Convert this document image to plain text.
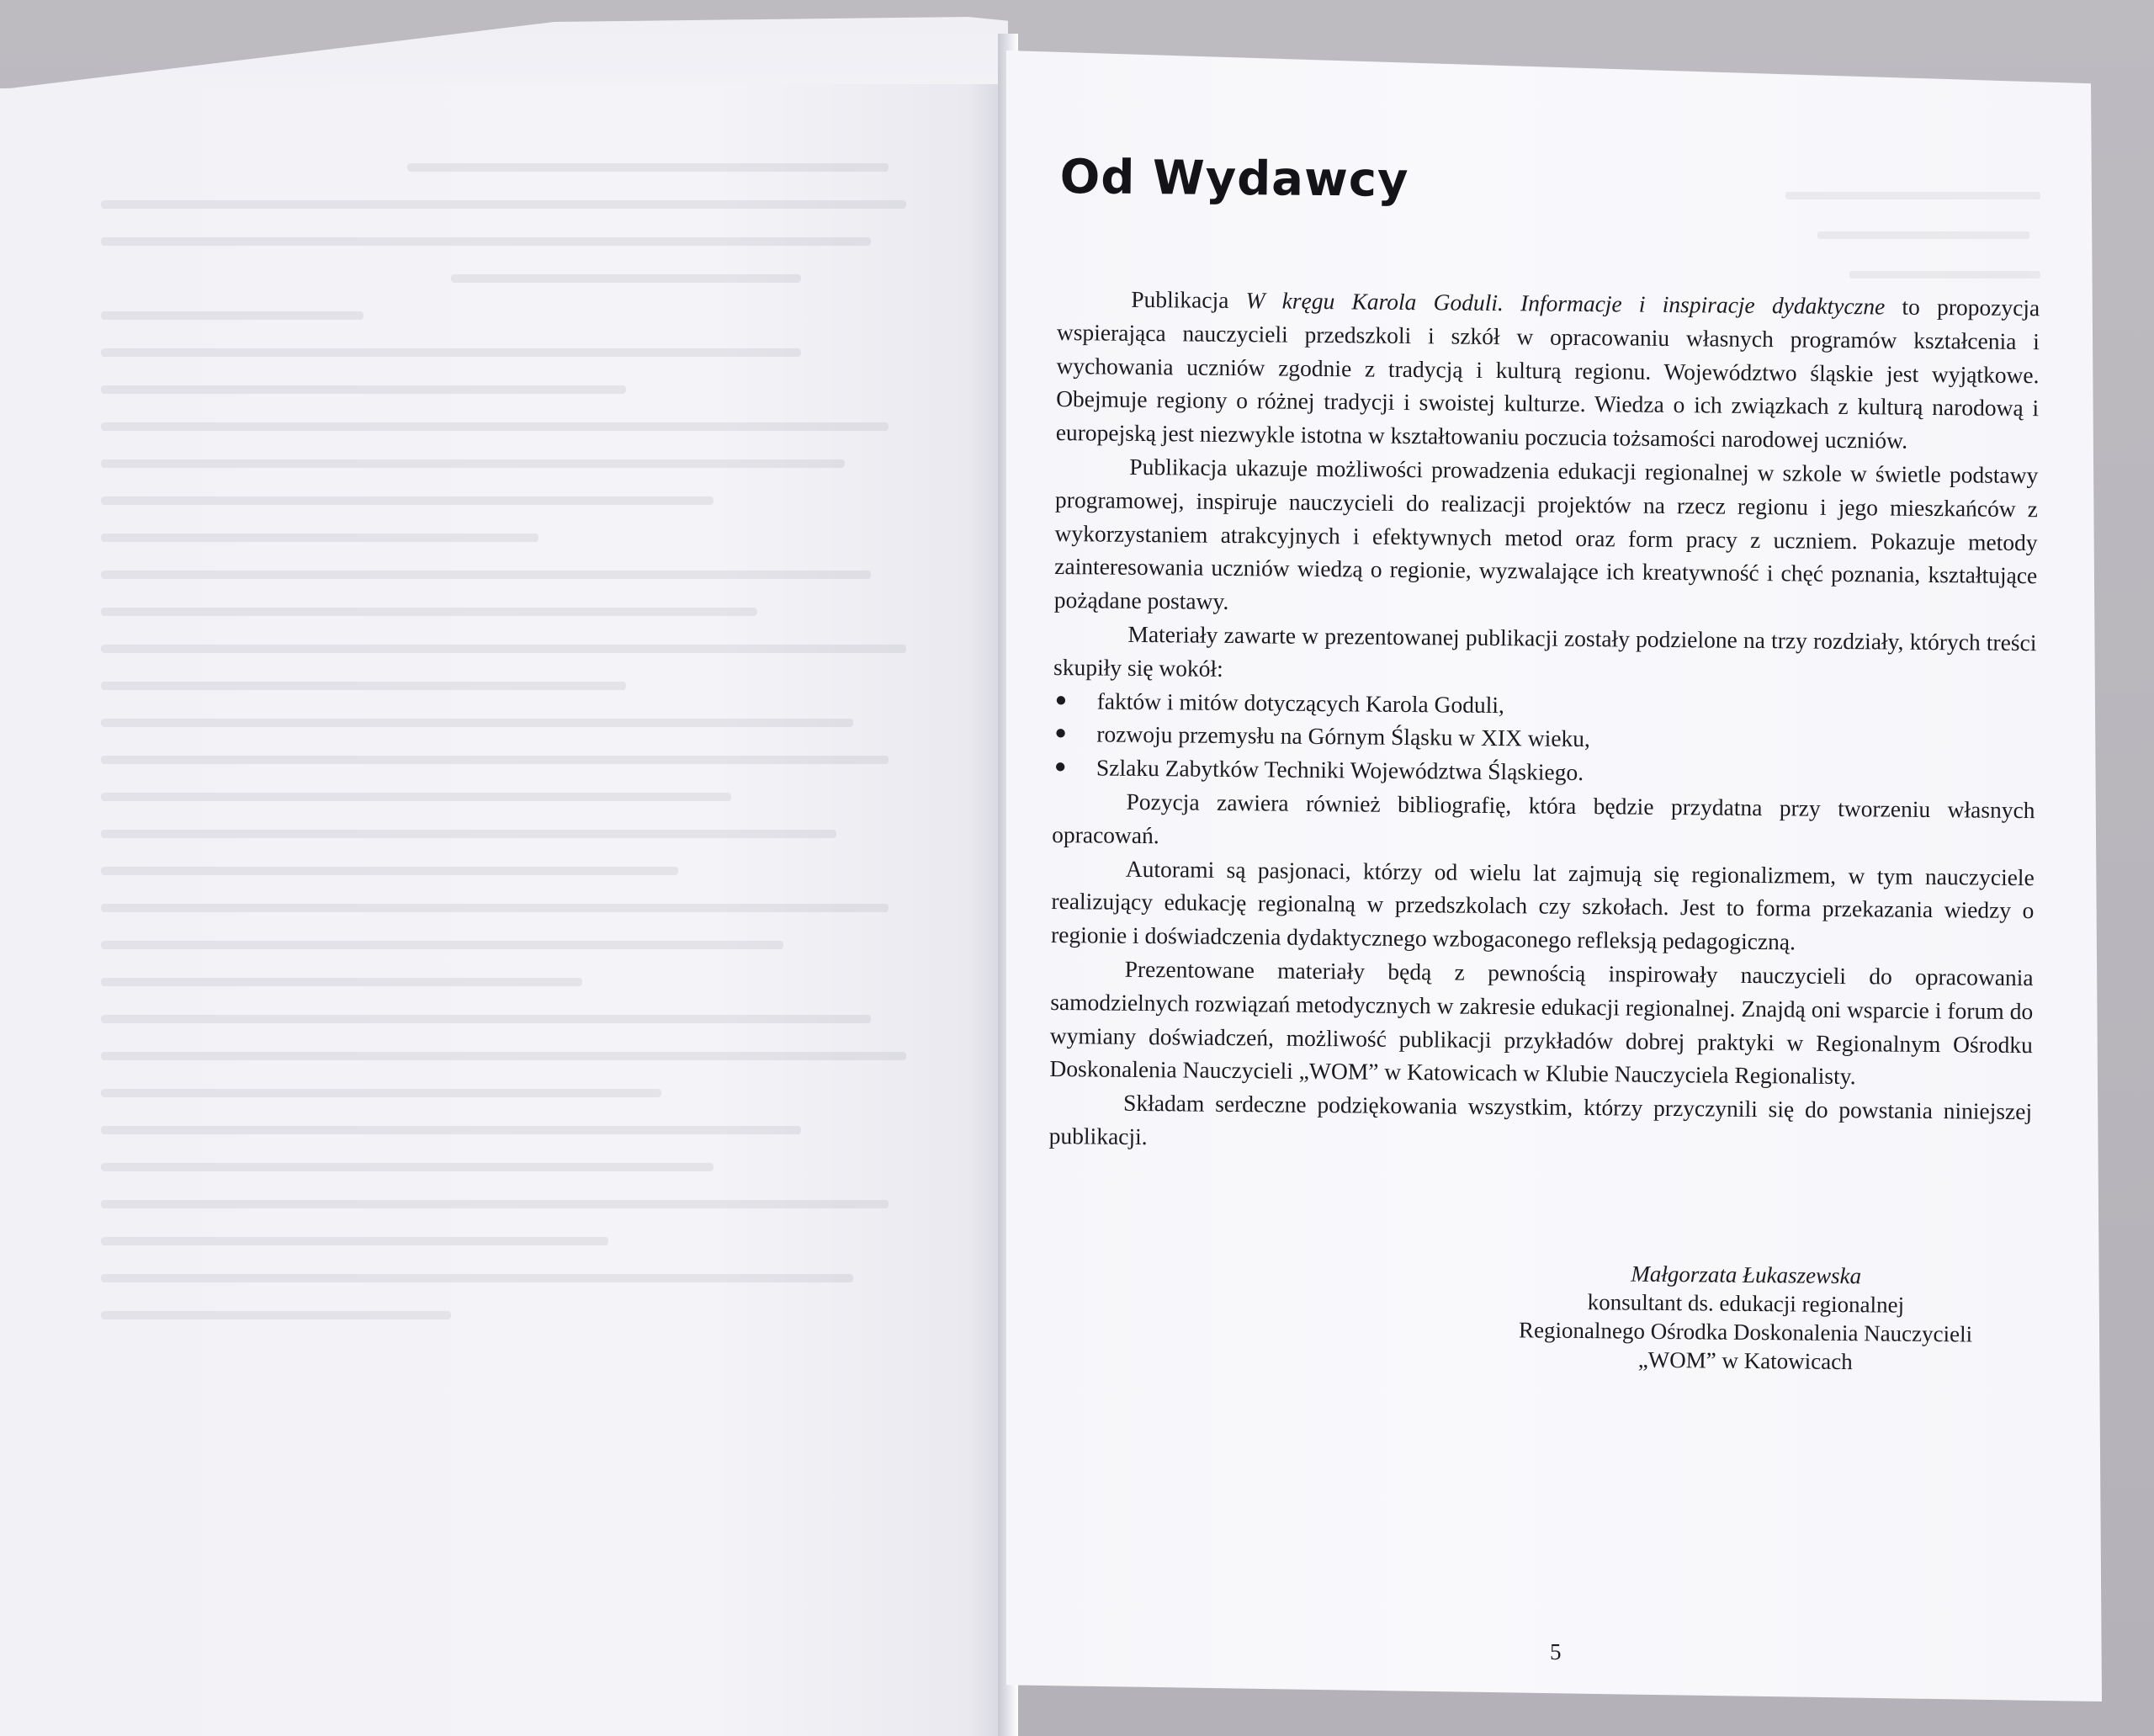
Od Wydawcy

Publikacja W kręgu Karola Goduli. Informacje i inspiracje dydaktyczne to propozycja wspierająca nauczycieli przedszkoli i szkół w opracowaniu własnych programów kształcenia i wychowania uczniów zgodnie z tradycją i kulturą regionu. Województwo śląskie jest wyjątkowe. Obejmuje regiony o różnej tradycji i swoistej kulturze. Wiedza o ich związkach z kulturą narodową i europejską jest niezwykle istotna w kształtowaniu poczucia tożsamości narodowej uczniów.

Publikacja ukazuje możliwości prowadzenia edukacji regionalnej w szkole w świetle podstawy programowej, inspiruje nauczycieli do realizacji projektów na rzecz regionu i jego mieszkańców z wykorzystaniem atrakcyjnych i efektywnych metod oraz form pracy z uczniem. Pokazuje metody zainteresowania uczniów wiedzą o regionie, wyzwalające ich kreatywność i chęć poznania, kształtujące pożądane postawy.

Materiały zawarte w prezentowanej publikacji zostały podzielone na trzy rozdziały, których treści skupiły się wokół:

● faktów i mitów dotyczących Karola Goduli,
● rozwoju przemysłu na Górnym Śląsku w XIX wieku,
● Szlaku Zabytków Techniki Województwa Śląskiego.

Pozycja zawiera również bibliografię, która będzie przydatna przy tworzeniu własnych opracowań.

Autorami są pasjonaci, którzy od wielu lat zajmują się regionalizmem, w tym nauczyciele realizujący edukację regionalną w przedszkolach czy szkołach. Jest to forma przekazania wiedzy o regionie i doświadczenia dydaktycznego wzbogaconego refleksją pedagogiczną.

Prezentowane materiały będą z pewnością inspirowały nauczycieli do opracowania samodzielnych rozwiązań metodycznych w zakresie edukacji regionalnej. Znajdą oni wsparcie i forum do wymiany doświadczeń, możliwość publikacji przykładów dobrej praktyki w Regionalnym Ośrodku Doskonalenia Nauczycieli „WOM” w Katowicach w Klubie Nauczyciela Regionalisty.

Składam serdeczne podziękowania wszystkim, którzy przyczynili się do powstania niniejszej publikacji.

Małgorzata Łukaszewska
konsultant ds. edukacji regionalnej
Regionalnego Ośrodka Doskonalenia Nauczycieli
„WOM” w Katowicach
5
